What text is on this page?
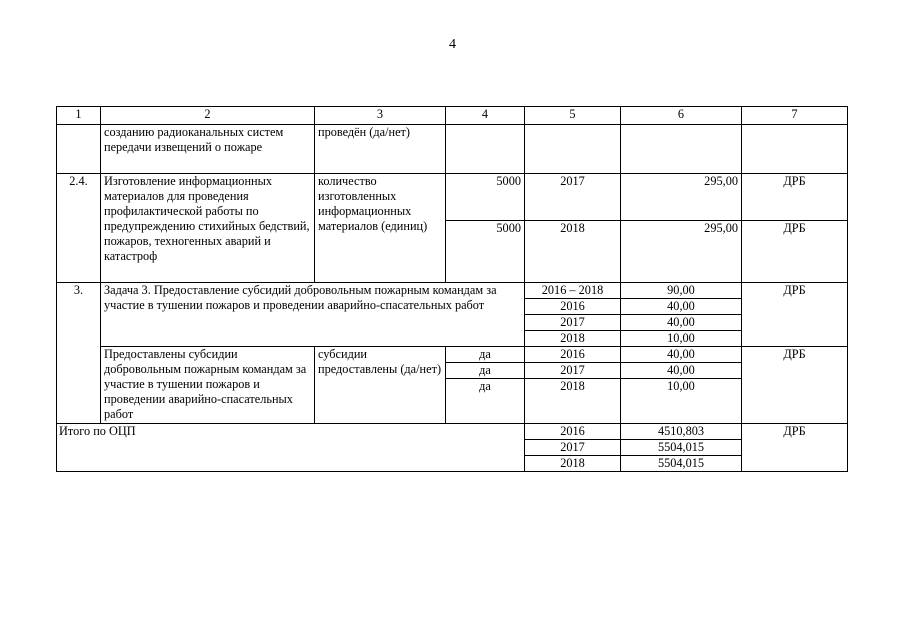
4
1	2	3	4	5	6	7
	созданию радиоканальных систем передачи извещений о пожаре	проведён (да/нет)				
2.4.	Изготовление информационных материалов для проведения профилактической работы по предупреждению стихийных бедствий, пожаров, техногенных аварий и катастроф	количество изготовленных информационных материалов (единиц)	5000	2017	295,00	ДРБ
			5000	2018	295,00	ДРБ
3.	Задача 3. Предоставление субсидий добровольным пожарным командам за участие в тушении пожаров и проведении аварийно-спасательных работ			2016 – 2018	90,00	ДРБ
				2016	40,00	
				2017	40,00	
				2018	10,00	
	Предоставлены субсидии добровольным пожарным командам за участие в тушении пожаров и проведении аварийно-спасательных работ	субсидии предоставлены (да/нет)	да	2016	40,00	ДРБ
			да	2017	40,00	
			да	2018	10,00	
Итого по ОЦП				2016	4510,803	ДРБ
				2017	5504,015	
				2018	5504,015	
